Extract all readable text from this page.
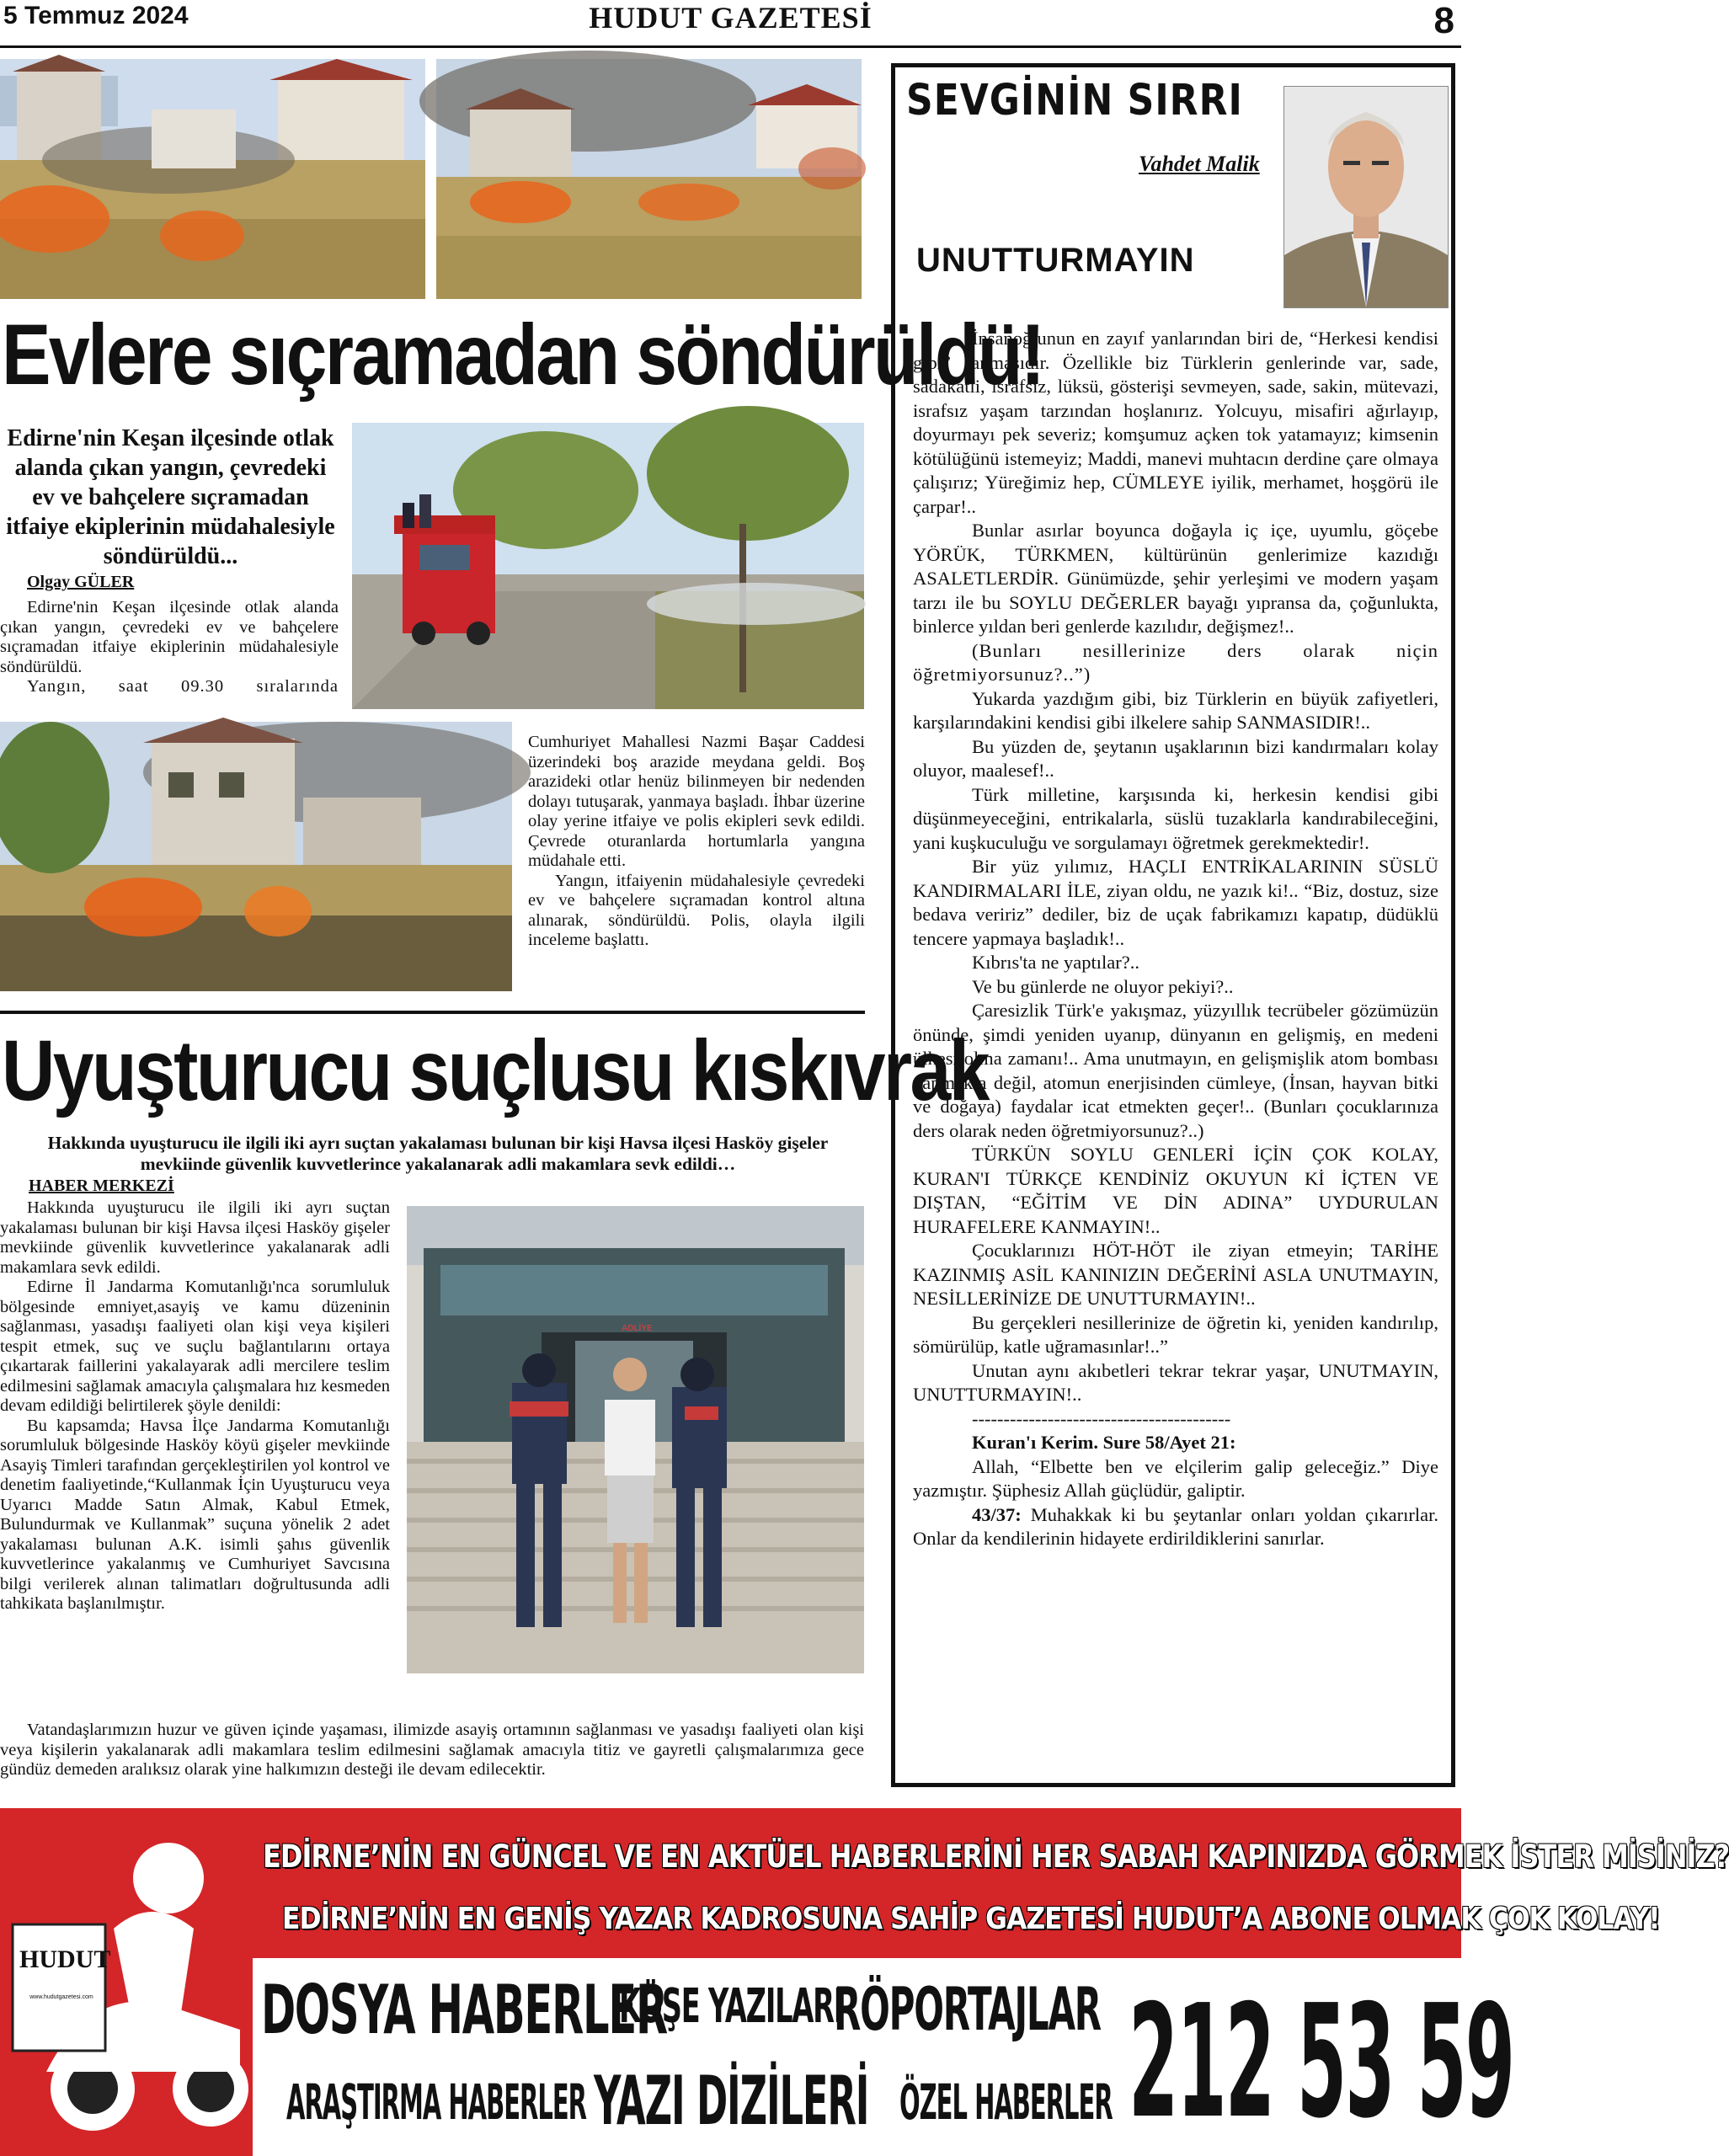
5 Temmuz 2024	HUDUT GAZETESİ	8
Evlere sıçramadan söndürüldü!
Edirne'nin Keşan ilçesinde otlak alanda çıkan yangın, çevredeki ev ve bahçelere sıçramadan itfaiye ekiplerinin müdahalesiyle söndürüldü...
Olgay GÜLER

Edirne'nin Keşan ilçesinde otlak alanda çıkan yangın, çevredeki ev ve bahçelere sıçramadan itfaiye ekiplerinin müdahalesiyle söndürüldü.

Yangın, saat 09.30 sıralarında

Cumhuriyet Mahallesi Nazmi Başar Caddesi üzerindeki boş arazide meydana geldi. Boş arazideki otlar henüz bilinmeyen bir nedenden dolayı tutuşarak, yanmaya başladı. İhbar üzerine olay yerine itfaiye ve polis ekipleri sevk edildi. Çevrede oturanlarda hortumlarla yangına müdahale etti.

Yangın, itfaiyenin müdahalesiyle çevredeki ev ve bahçelere sıçramadan kontrol altına alınarak, söndürüldü. Polis, olayla ilgili inceleme başlattı.

Uyuşturucu suçlusu kıskıvrak
Hakkında uyuşturucu ile ilgili iki ayrı suçtan yakalaması bulunan bir kişi Havsa ilçesi Hasköy gişeler mevkiinde güvenlik kuvvetlerince yakalanarak adli makamlara sevk edildi…
HABER MERKEZİ

Hakkında uyuşturucu ile ilgili iki ayrı suçtan yakalaması bulunan bir kişi Havsa ilçesi Hasköy gişeler mevkiinde güvenlik kuvvetlerince yakalanarak adli makamlara sevk edildi.

Edirne İl Jandarma Komutanlığı'nca sorumluluk bölgesinde emniyet,asayiş ve kamu düzeninin sağlanması, yasadışı faaliyeti olan kişi veya kişileri tespit etmek, suç ve suçlu bağlantılarını ortaya çıkartarak faillerini yakalayarak adli mercilere teslim edilmesini sağlamak amacıyla çalışmalara hız kesmeden devam edildiği belirtilerek şöyle denildi:

Bu kapsamda; Havsa İlçe Jandarma Komutanlığı sorumluluk bölgesinde Hasköy köyü gişeler mevkiinde Asayiş Timleri tarafından gerçekleştirilen yol kontrol ve denetim faaliyetinde,“Kullanmak İçin Uyuşturucu veya Uyarıcı Madde Satın Almak, Kabul Etmek, Bulundurmak ve Kullanmak” suçuna yönelik 2 adet yakalaması bulunan A.K. isimli şahıs güvenlik kuvvetlerince yakalanmış ve Cumhuriyet Savcısına bilgi verilerek alınan talimatları doğrultusunda adli tahkikata başlanılmıştır.

ADLİYE

Vatandaşlarımızın huzur ve güven içinde yaşaması, ilimizde asayiş ortamının sağlanması ve yasadışı faaliyeti olan kişi veya kişilerin yakalanarak adli makamlara teslim edilmesini sağlamak amacıyla titiz ve gayretli çalışmalarımıza gece gündüz demeden aralıksız olarak yine halkımızın desteği ile devam edilecektir.

SEVGİNİN SIRRI
Vahdet Malik
UNUTTURMAYIN

İnsanoğlunun en zayıf yanlarından biri de, “Herkesi kendisi gibi” sanmasıdır. Özellikle biz Türklerin genlerinde var, sade, sadakatli, israfsız, lüksü, gösterişi sevmeyen, sade, sakin, mütevazi, israfsız yaşam tarzından hoşlanırız. Yolcuyu, misafiri ağırlayıp, doyurmayı pek severiz; komşumuz açken tok yatamayız; kimsenin kötülüğünü istemeyiz; Maddi, manevi muhtacın derdine çare olmaya çalışırız; Yüreğimiz hep, CÜMLEYE iyilik, merhamet, hoşgörü ile çarpar!..

Bunlar asırlar boyunca doğayla iç içe, uyumlu, göçebe YÖRÜK, TÜRKMEN, kültürünün genlerimize kazıdığı ASALETLERDİR. Günümüzde, şehir yerleşimi ve modern yaşam tarzı ile bu SOYLU DEĞERLER bayağı yıpransa da, çoğunlukta, binlerce yıldan beri genlerde kazılıdır, değişmez!..

(Bunları nesillerinize ders olarak niçin öğretmiyorsunuz?..”)

Yukarda yazdığım gibi, biz Türklerin en büyük zafiyetleri, karşılarındakini kendisi gibi ilkelere sahip SANMASIDIR!..

Bu yüzden de, şeytanın uşaklarının bizi kandırmaları kolay oluyor, maalesef!..

Türk milletine, karşısında ki, herkesin kendisi gibi düşünmeyeceğini, entrikalarla, süslü tuzaklarla kandırabileceğini, yani kuşkuculuğu ve sorgulamayı öğretmek gerekmektedir!.

Bir yüz yılımız, HAÇLI ENTRİKALARININ SÜSLÜ KANDIRMALARI İLE, ziyan oldu, ne yazık ki!.. “Biz, dostuz, size bedava veririz” dediler, biz de uçak fabrikamızı kapatıp, düdüklü tencere yapmaya başladık!..

Kıbrıs'ta ne yaptılar?..

Ve bu günlerde ne oluyor pekiyi?..

Çaresizlik Türk'e yakışmaz, yüzyıllık tecrübeler gözümüzün önünde, şimdi yeniden uyanıp, dünyanın en gelişmiş, en medeni ülkesi olma zamanı!.. Ama unutmayın, en gelişmişlik atom bombası yapmakta değil, atomun enerjisinden cümleye, (İnsan, hayvan bitki ve doğaya) faydalar icat etmekten geçer!.. (Bunları çocuklarınıza ders olarak neden öğretmiyorsunuz?..)

TÜRKÜN SOYLU GENLERİ İÇİN ÇOK KOLAY, KURAN'I TÜRKÇE KENDİNİZ OKUYUN Kİ İÇTEN VE DIŞTAN, “EĞİTİM VE DİN ADINA” UYDURULAN HURAFELERE KANMAYIN!..

Çocuklarınızı HÖT-HÖT ile ziyan etmeyin; TARİHE KAZINMIŞ ASİL KANINIZIN DEĞERİNİ ASLA UNUTMAYIN, NESİLLERİNİZE DE UNUTTURMAYIN!..

Bu gerçekleri nesillerinize de öğretin ki, yeniden kandırılıp, sömürülüp, katle uğramasınlar!..”

Unutan aynı akıbetleri tekrar tekrar yaşar, UNUTMAYIN, UNUTTURMAYIN!..

-----------------------------------------

Kuran'ı Kerim. Sure 58/Ayet 21:

Allah, “Elbette ben ve elçilerim galip geleceğiz.” Diye yazmıştır. Şüphesiz Allah güçlüdür, galiptir.

43/37: Muhakkak ki bu şeytanlar onları yoldan çıkarırlar. Onlar da kendilerinin hidayete erdirildiklerini sanırlar.

HUDUT
www.hudutgazetesi.com
EDİRNE’NİN EN GÜNCEL VE EN AKTÜEL HABERLERİNİ HER SABAH KAPINIZDA GÖRMEK İSTER MİSİNİZ?
EDİRNE’NİN EN GENİŞ YAZAR KADROSUNA SAHİP GAZETESİ HUDUT’A ABONE OLMAK ÇOK KOLAY!
DOSYA HABERLER
KÖŞE YAZILARI
RÖPORTAJLAR
ARAŞTIRMA HABERLER YAZI DİZİLERİ ÖZEL HABERLER 212 53 59
